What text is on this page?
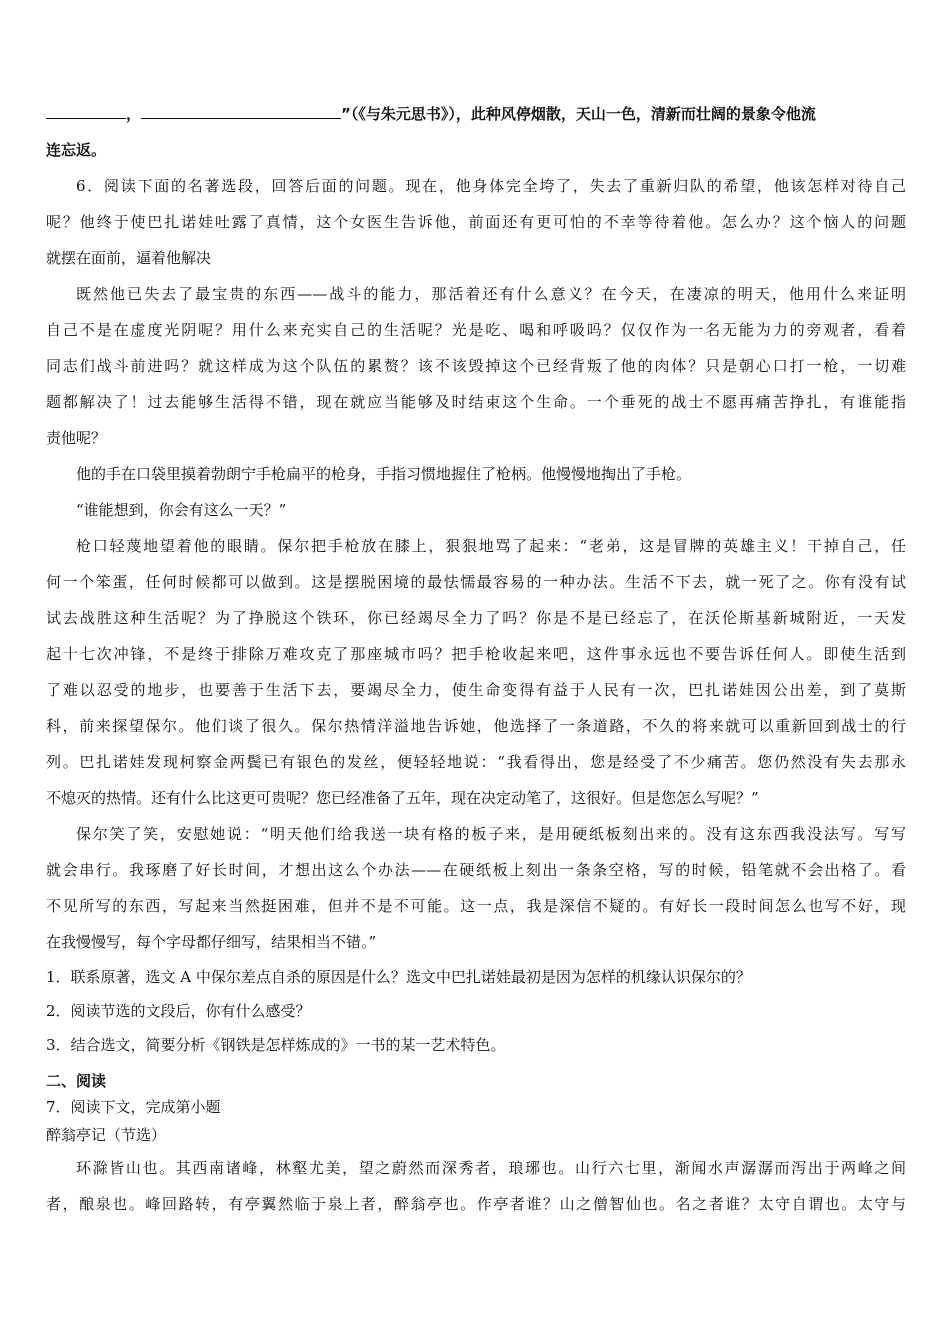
，	”（《与朱元思书》），此种风停烟散，天山一色，清新而壮阔的景象令他流
连忘返。
6．阅读下面的名著选段，回答后面的问题。现在，他身体完全垮了，失去了重新归队的希望，他该怎样对待自己
呢？他终于使巴扎诺娃吐露了真情，这个女医生告诉他，前面还有更可怕的不幸等待着他。怎么办？这个恼人的问题
就摆在面前，逼着他解决
既然他已失去了最宝贵的东西——战斗的能力，那活着还有什么意义？在今天，在凄凉的明天，他用什么来证明
自己不是在虚度光阴呢？用什么来充实自己的生活呢？光是吃、喝和呼吸吗？仅仅作为一名无能为力的旁观者，看着
同志们战斗前进吗？就这样成为这个队伍的累赘？该不该毁掉这个已经背叛了他的肉体？只是朝心口打一枪，一切难
题都解决了！过去能够生活得不错，现在就应当能够及时结束这个生命。一个垂死的战士不愿再痛苦挣扎，有谁能指
责他呢？
他的手在口袋里摸着勃朗宁手枪扁平的枪身，手指习惯地握住了枪柄。他慢慢地掏出了手枪。
“谁能想到，你会有这么一天？”
枪口轻蔑地望着他的眼睛。保尔把手枪放在膝上，狠狠地骂了起来：“老弟，这是冒牌的英雄主义！干掉自己，任
何一个笨蛋，任何时候都可以做到。这是摆脱困境的最怯懦最容易的一种办法。生活不下去，就一死了之。你有没有试
试去战胜这种生活呢？为了挣脱这个铁环，你已经竭尽全力了吗？你是不是已经忘了，在沃伦斯基新城附近，一天发
起十七次冲锋，不是终于排除万难攻克了那座城市吗？把手枪收起来吧，这件事永远也不要告诉任何人。即使生活到
了难以忍受的地步，也要善于生活下去，要竭尽全力，使生命变得有益于人民有一次，巴扎诺娃因公出差，到了莫斯
科，前来探望保尔。他们谈了很久。保尔热情洋溢地告诉她，他选择了一条道路，不久的将来就可以重新回到战士的行
列。巴扎诺娃发现柯察金两鬓已有银色的发丝，便轻轻地说：“我看得出，您是经受了不少痛苦。您仍然没有失去那永
不熄灭的热情。还有什么比这更可贵呢？您已经准备了五年，现在决定动笔了，这很好。但是您怎么写呢？”
保尔笑了笑，安慰她说：“明天他们给我送一块有格的板子来，是用硬纸板刻出来的。没有这东西我没法写。写写
就会串行。我琢磨了好长时间，才想出这么个办法——在硬纸板上刻出一条条空格，写的时候，铅笔就不会出格了。看
不见所写的东西，写起来当然挺困难，但并不是不可能。这一点，我是深信不疑的。有好长一段时间怎么也写不好，现
在我慢慢写，每个字母都仔细写，结果相当不错。”
1．联系原著，选文 A 中保尔差点自杀的原因是什么？选文中巴扎诺娃最初是因为怎样的机缘认识保尔的？
2．阅读节选的文段后，你有什么感受？
3．结合选文，简要分析《钢铁是怎样炼成的》一书的某一艺术特色。
二、阅读
7．阅读下文，完成第小题
醉翁亭记（节选）
环滁皆山也。其西南诸峰，林壑尤美，望之蔚然而深秀者，琅琊也。山行六七里，渐闻水声潺潺而泻出于两峰之间
者，酿泉也。峰回路转，有亭翼然临于泉上者，醉翁亭也。作亭者谁？山之僧智仙也。名之者谁？太守自谓也。太守与
